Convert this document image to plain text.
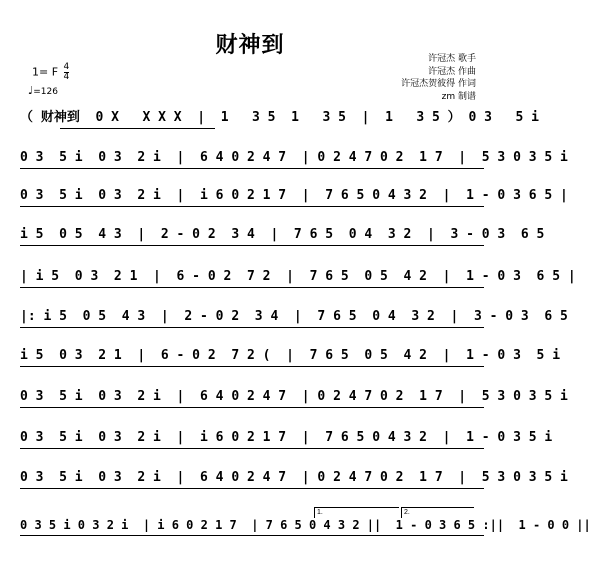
财神到
许冠杰 歌手
许冠杰 作曲
许冠杰贺彼得 作词
zm 制谱
1= F $\frac{4}{4}$
♩=126
（ 财神到  0 X   X X X  |  1   3 5  1   3 5  |  1   3 5 ） 0 3   5 i
0 3  5 i  0 3  2 i  |  6 4 0 2 4 7  | 0 2 4 7 0 2  1 7  |  5 3 0 3 5 i
0 3  5 i  0 3  2 i  |  i 6 0 2 1 7  |  7 6 5 0 4 3 2  |  1 - 0 3 6 5 |
i 5  0 5  4 3  |  2 - 0 2  3 4  |  7 6 5  0 4  3 2  |  3 - 0 3  6 5
| i 5  0 3  2 1  |  6 - 0 2  7 2  |  7 6 5  0 5  4 2  |  1 - 0 3  6 5 |
|: i 5  0 5  4 3  |  2 - 0 2  3 4  |  7 6 5  0 4  3 2  |  3 - 0 3  6 5
i 5  0 3  2 1  |  6 - 0 2  7 2 (  |  7 6 5  0 5  4 2  |  1 - 0 3  5 i
0 3  5 i  0 3  2 i  |  6 4 0 2 4 7  | 0 2 4 7 0 2  1 7  |  5 3 0 3 5 i
0 3  5 i  0 3  2 i  |  i 6 0 2 1 7  |  7 6 5 0 4 3 2  |  1 - 0 3 5 i
0 3  5 i  0 3  2 i  |  6 4 0 2 4 7  | 0 2 4 7 0 2  1 7  |  5 3 0 3 5 i
0 3 5 i 0 3 2 i  | i 6 0 2 1 7  | 7 6 5 0 4 3 2 ||  1 - 0 3 6 5 :||  1 - 0 0 ||
1.	2.
